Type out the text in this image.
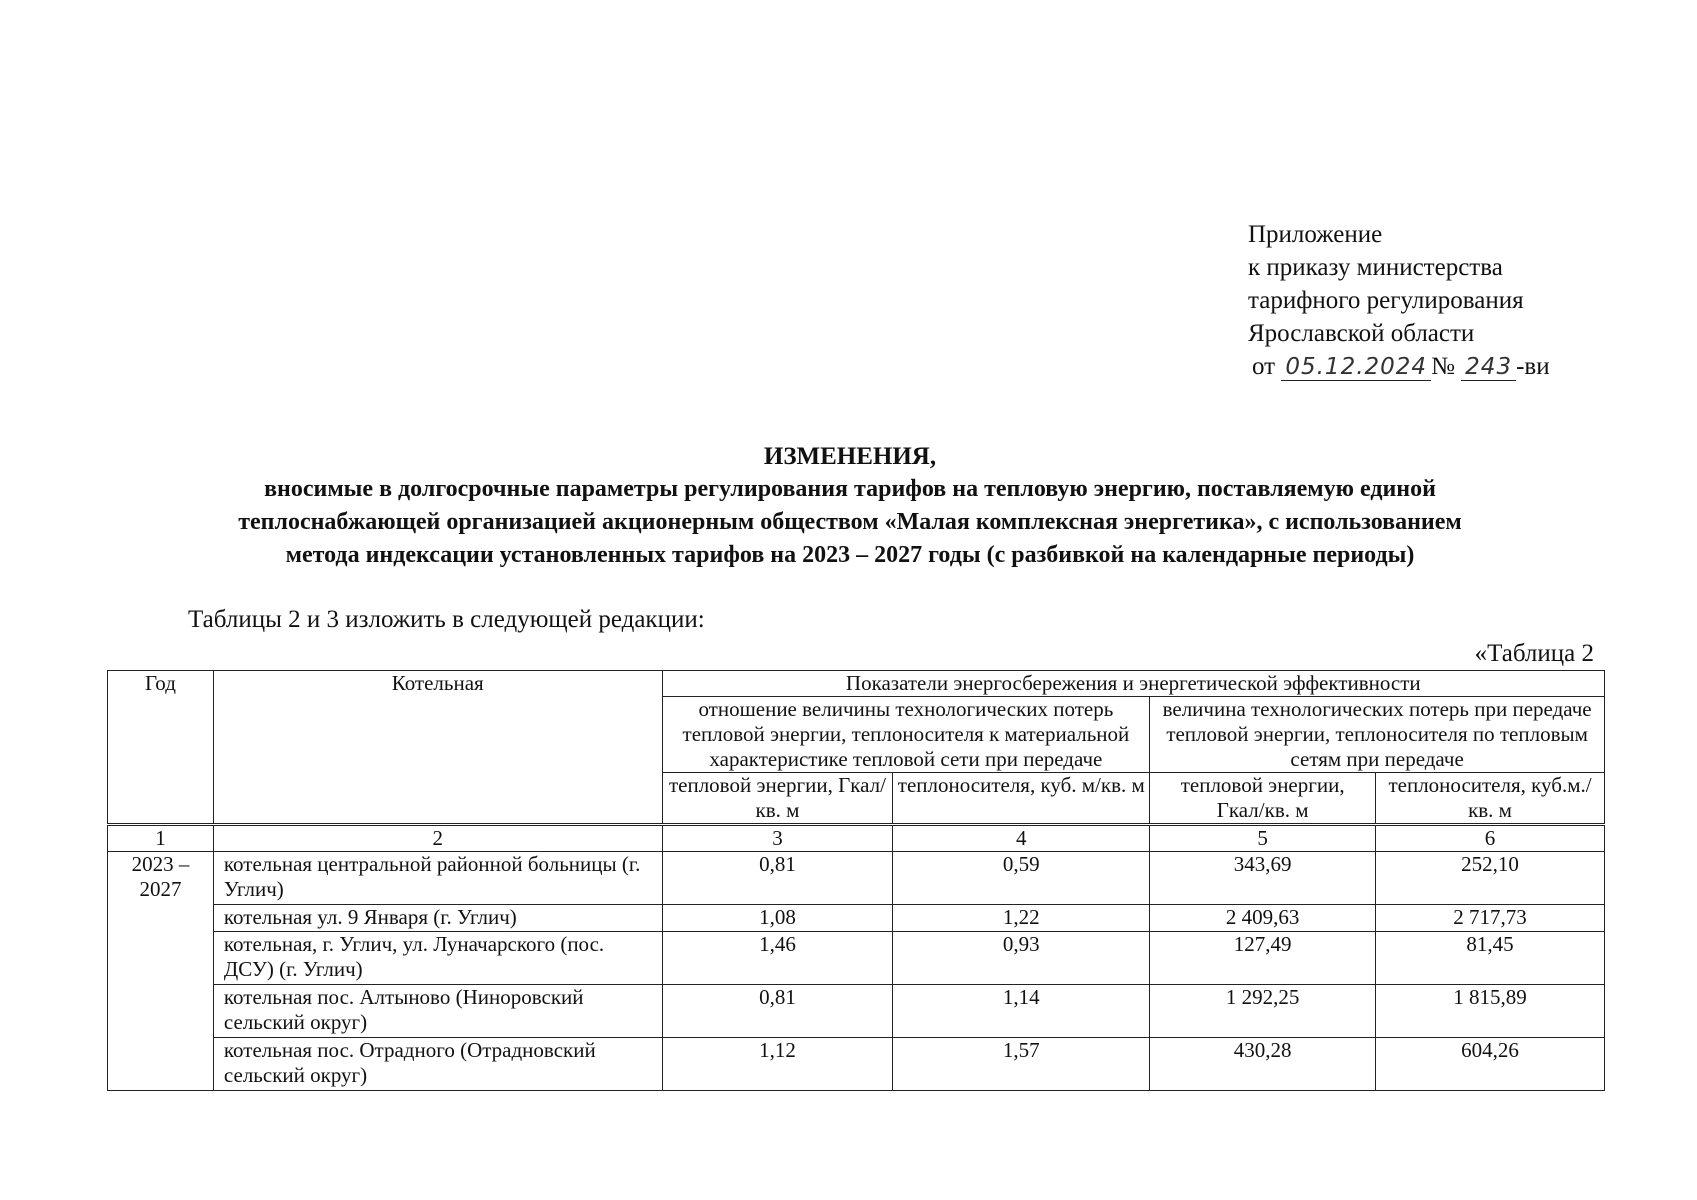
Приложение
к приказу министерства
тарифного регулирования
Ярославской области
от 05.12.2024 № 243 -ви
ИЗМЕНЕНИЯ,
вносимые в долгосрочные параметры регулирования тарифов на тепловую энергию, поставляемую единой
теплоснабжающей организацией акционерным обществом «Малая комплексная энергетика», с использованием
метода индексации установленных тарифов на 2023 – 2027 годы (с разбивкой на календарные периоды)
Таблицы 2 и 3 изложить в следующей редакции:
«Таблица 2
Год	Котельная	Показатели энергосбережения и энергетической эффективности			
		отношение величины технологических потерь тепловой энергии, теплоносителя к материальной характеристике тепловой сети при передаче		величина технологических потерь при передаче тепловой энергии, теплоносителя по тепловым сетям при передаче	
		тепловой энергии, Гкал/кв. м	теплоносителя, куб. м/кв. м	тепловой энергии, Гкал/кв. м	теплоносителя, куб.м./кв. м
1	2	3	4	5	6
2023 – 2027	котельная центральной районной больницы (г. Углич)	0,81	0,59	343,69	252,10
	котельная ул. 9 Января (г. Углич)	1,08	1,22	2 409,63	2 717,73
	котельная, г. Углич, ул. Луначарского (пос. ДСУ) (г. Углич)	1,46	0,93	127,49	81,45
	котельная пос. Алтыново (Ниноровский сельский округ)	0,81	1,14	1 292,25	1 815,89
	котельная пос. Отрадного (Отрадновский сельский округ)	1,12	1,57	430,28	604,26
